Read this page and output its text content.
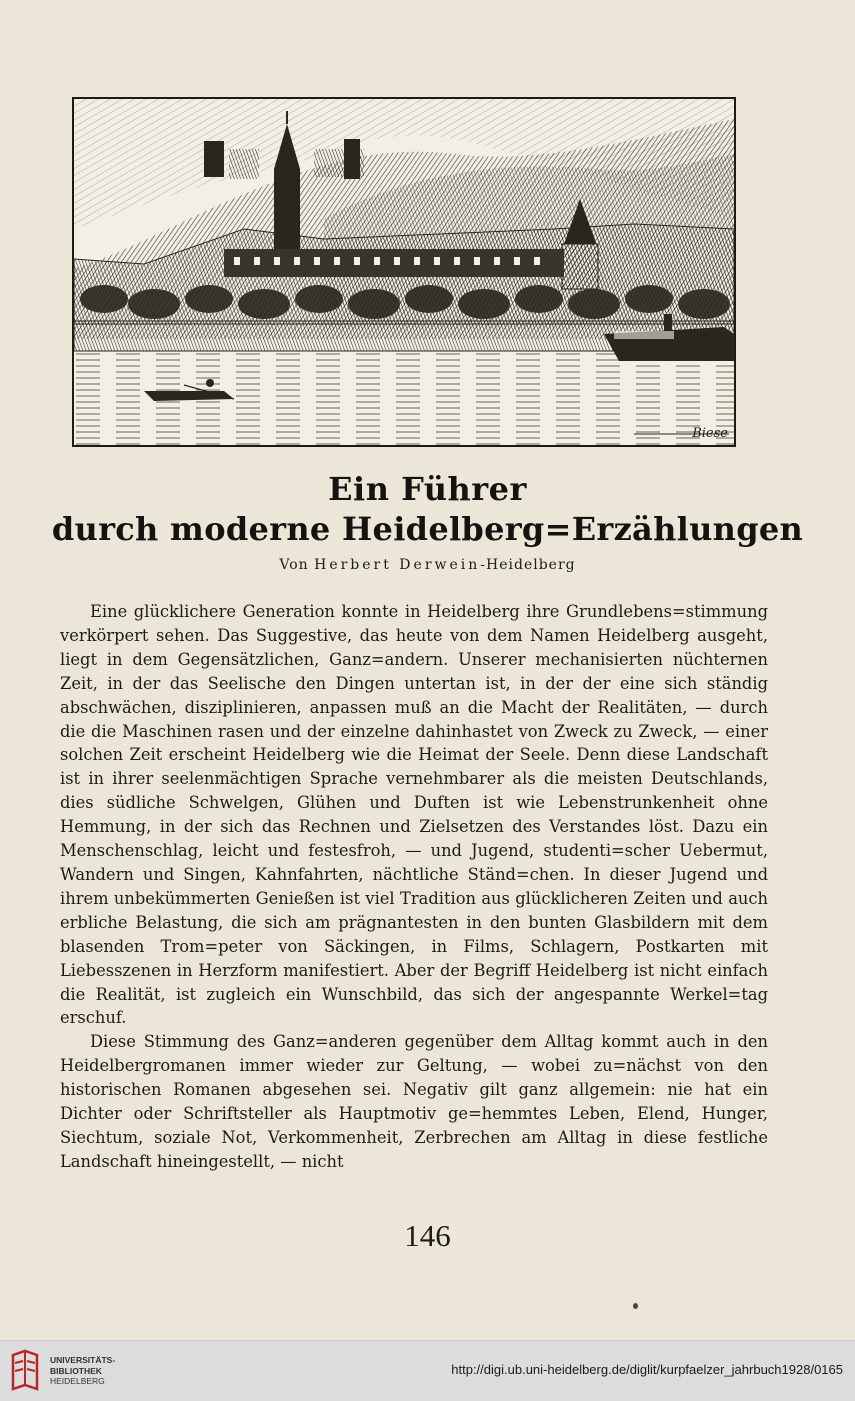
Biese
Ein Führer
durch moderne Heidelberg=Erzählungen
Von Herbert Derwein-Heidelberg

Eine glücklichere Generation konnte in Heidelberg ihre Grundlebens=stimmung verkörpert sehen. Das Suggestive, das heute von dem Namen Heidelberg ausgeht, liegt in dem Gegensätzlichen, Ganz=andern. Unserer mechanisierten nüchternen Zeit, in der das Seelische den Dingen untertan ist, in der der eine sich ständig abschwächen, disziplinieren, anpassen muß an die Macht der Realitäten, — durch die die Maschinen rasen und der einzelne dahinhastet von Zweck zu Zweck, — einer solchen Zeit erscheint Heidelberg wie die Heimat der Seele. Denn diese Landschaft ist in ihrer seelenmächtigen Sprache vernehmbarer als die meisten Deutschlands, dies südliche Schwelgen, Glühen und Duften ist wie Lebenstrunkenheit ohne Hemmung, in der sich das Rechnen und Zielsetzen des Verstandes löst. Dazu ein Menschenschlag, leicht und festesfroh, — und Jugend, studenti=scher Uebermut, Wandern und Singen, Kahnfahrten, nächtliche Ständ=chen. In dieser Jugend und ihrem unbekümmerten Genießen ist viel Tradition aus glücklicheren Zeiten und auch erbliche Belastung, die sich am prägnantesten in den bunten Glasbildern mit dem blasenden Trom=peter von Säckingen, in Films, Schlagern, Postkarten mit Liebesszenen in Herzform manifestiert. Aber der Begriff Heidelberg ist nicht einfach die Realität, ist zugleich ein Wunschbild, das sich der angespannte Werkel=tag erschuf.

Diese Stimmung des Ganz=anderen gegenüber dem Alltag kommt auch in den Heidelbergromanen immer wieder zur Geltung, — wobei zu=nächst von den historischen Romanen abgesehen sei. Negativ gilt ganz allgemein: nie hat ein Dichter oder Schriftsteller als Hauptmotiv ge=hemmtes Leben, Elend, Hunger, Siechtum, soziale Not, Verkommenheit, Zerbrechen am Alltag in diese festliche Landschaft hineingestellt, — nicht

146
UNIVERSITÄTS-
BIBLIOTHEK
HEIDELBERG
http://digi.ub.uni-heidelberg.de/diglit/kurpfaelzer_jahrbuch1928/0165
